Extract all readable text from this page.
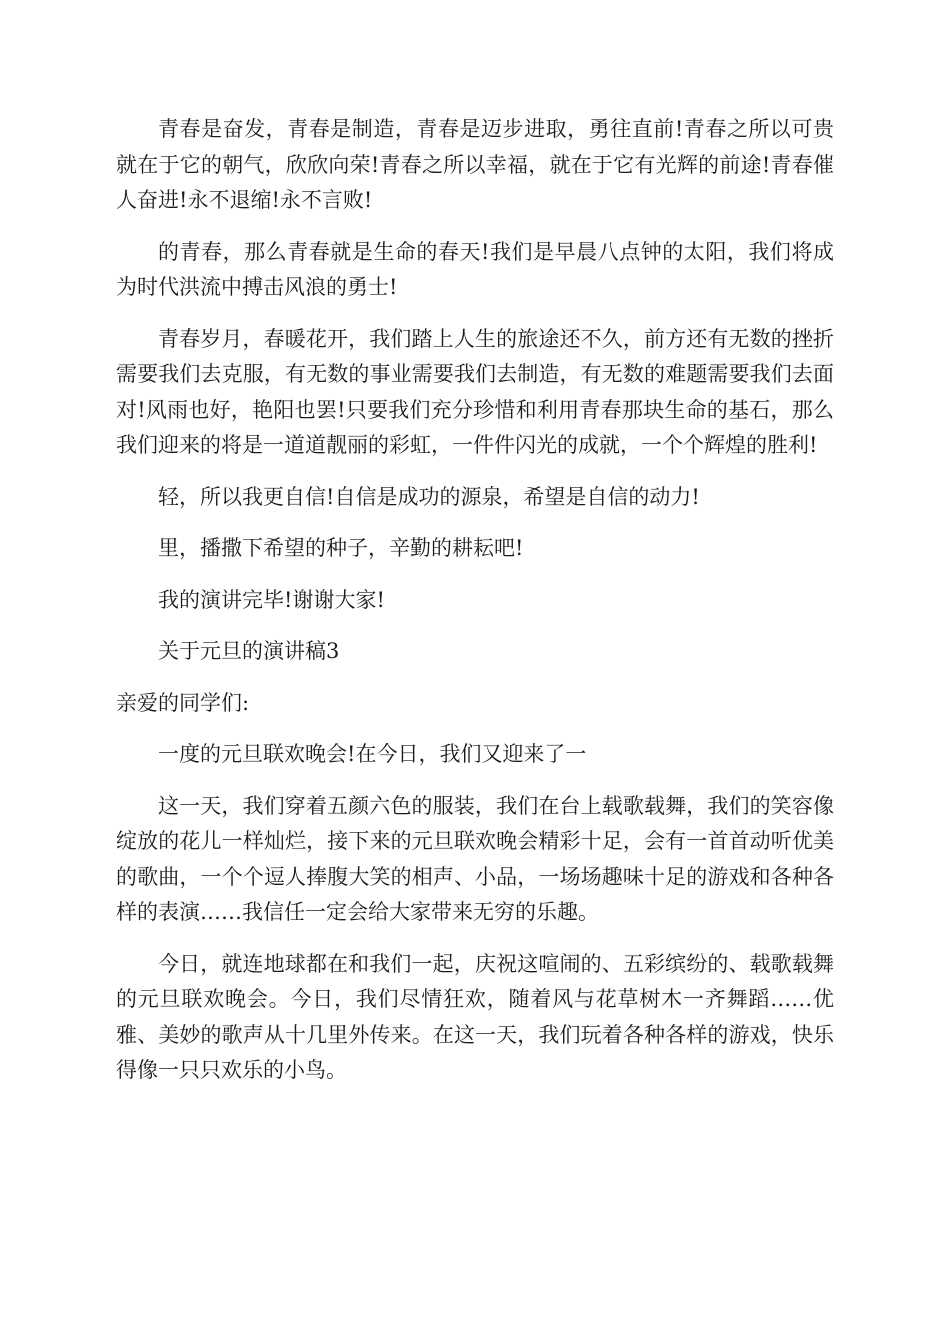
青春是奋发，青春是制造，青春是迈步进取，勇往直前!青春之所以可贵就在于它的朝气，欣欣向荣!青春之所以幸福，就在于它有光辉的前途!青春催人奋进!永不退缩!永不言败!

的青春，那么青春就是生命的春天!我们是早晨八点钟的太阳，我们将成为时代洪流中搏击风浪的勇士!

青春岁月，春暖花开，我们踏上人生的旅途还不久，前方还有无数的挫折需要我们去克服，有无数的事业需要我们去制造，有无数的难题需要我们去面对!风雨也好，艳阳也罢!只要我们充分珍惜和利用青春那块生命的基石，那么我们迎来的将是一道道靓丽的彩虹，一件件闪光的成就，一个个辉煌的胜利!

轻，所以我更自信!自信是成功的源泉，希望是自信的动力!

里，播撒下希望的种子，辛勤的耕耘吧!

我的演讲完毕!谢谢大家!

关于元旦的演讲稿3

亲爱的同学们:

一度的元旦联欢晚会!在今日，我们又迎来了一

这一天，我们穿着五颜六色的服装，我们在台上载歌载舞，我们的笑容像绽放的花儿一样灿烂，接下来的元旦联欢晚会精彩十足，会有一首首动听优美的歌曲，一个个逗人捧腹大笑的相声、小品，一场场趣味十足的游戏和各种各样的表演……我信任一定会给大家带来无穷的乐趣。

今日，就连地球都在和我们一起，庆祝这喧闹的、五彩缤纷的、载歌载舞的元旦联欢晚会。今日，我们尽情狂欢，随着风与花草树木一齐舞蹈……优雅、美妙的歌声从十几里外传来。在这一天，我们玩着各种各样的游戏，快乐得像一只只欢乐的小鸟。
